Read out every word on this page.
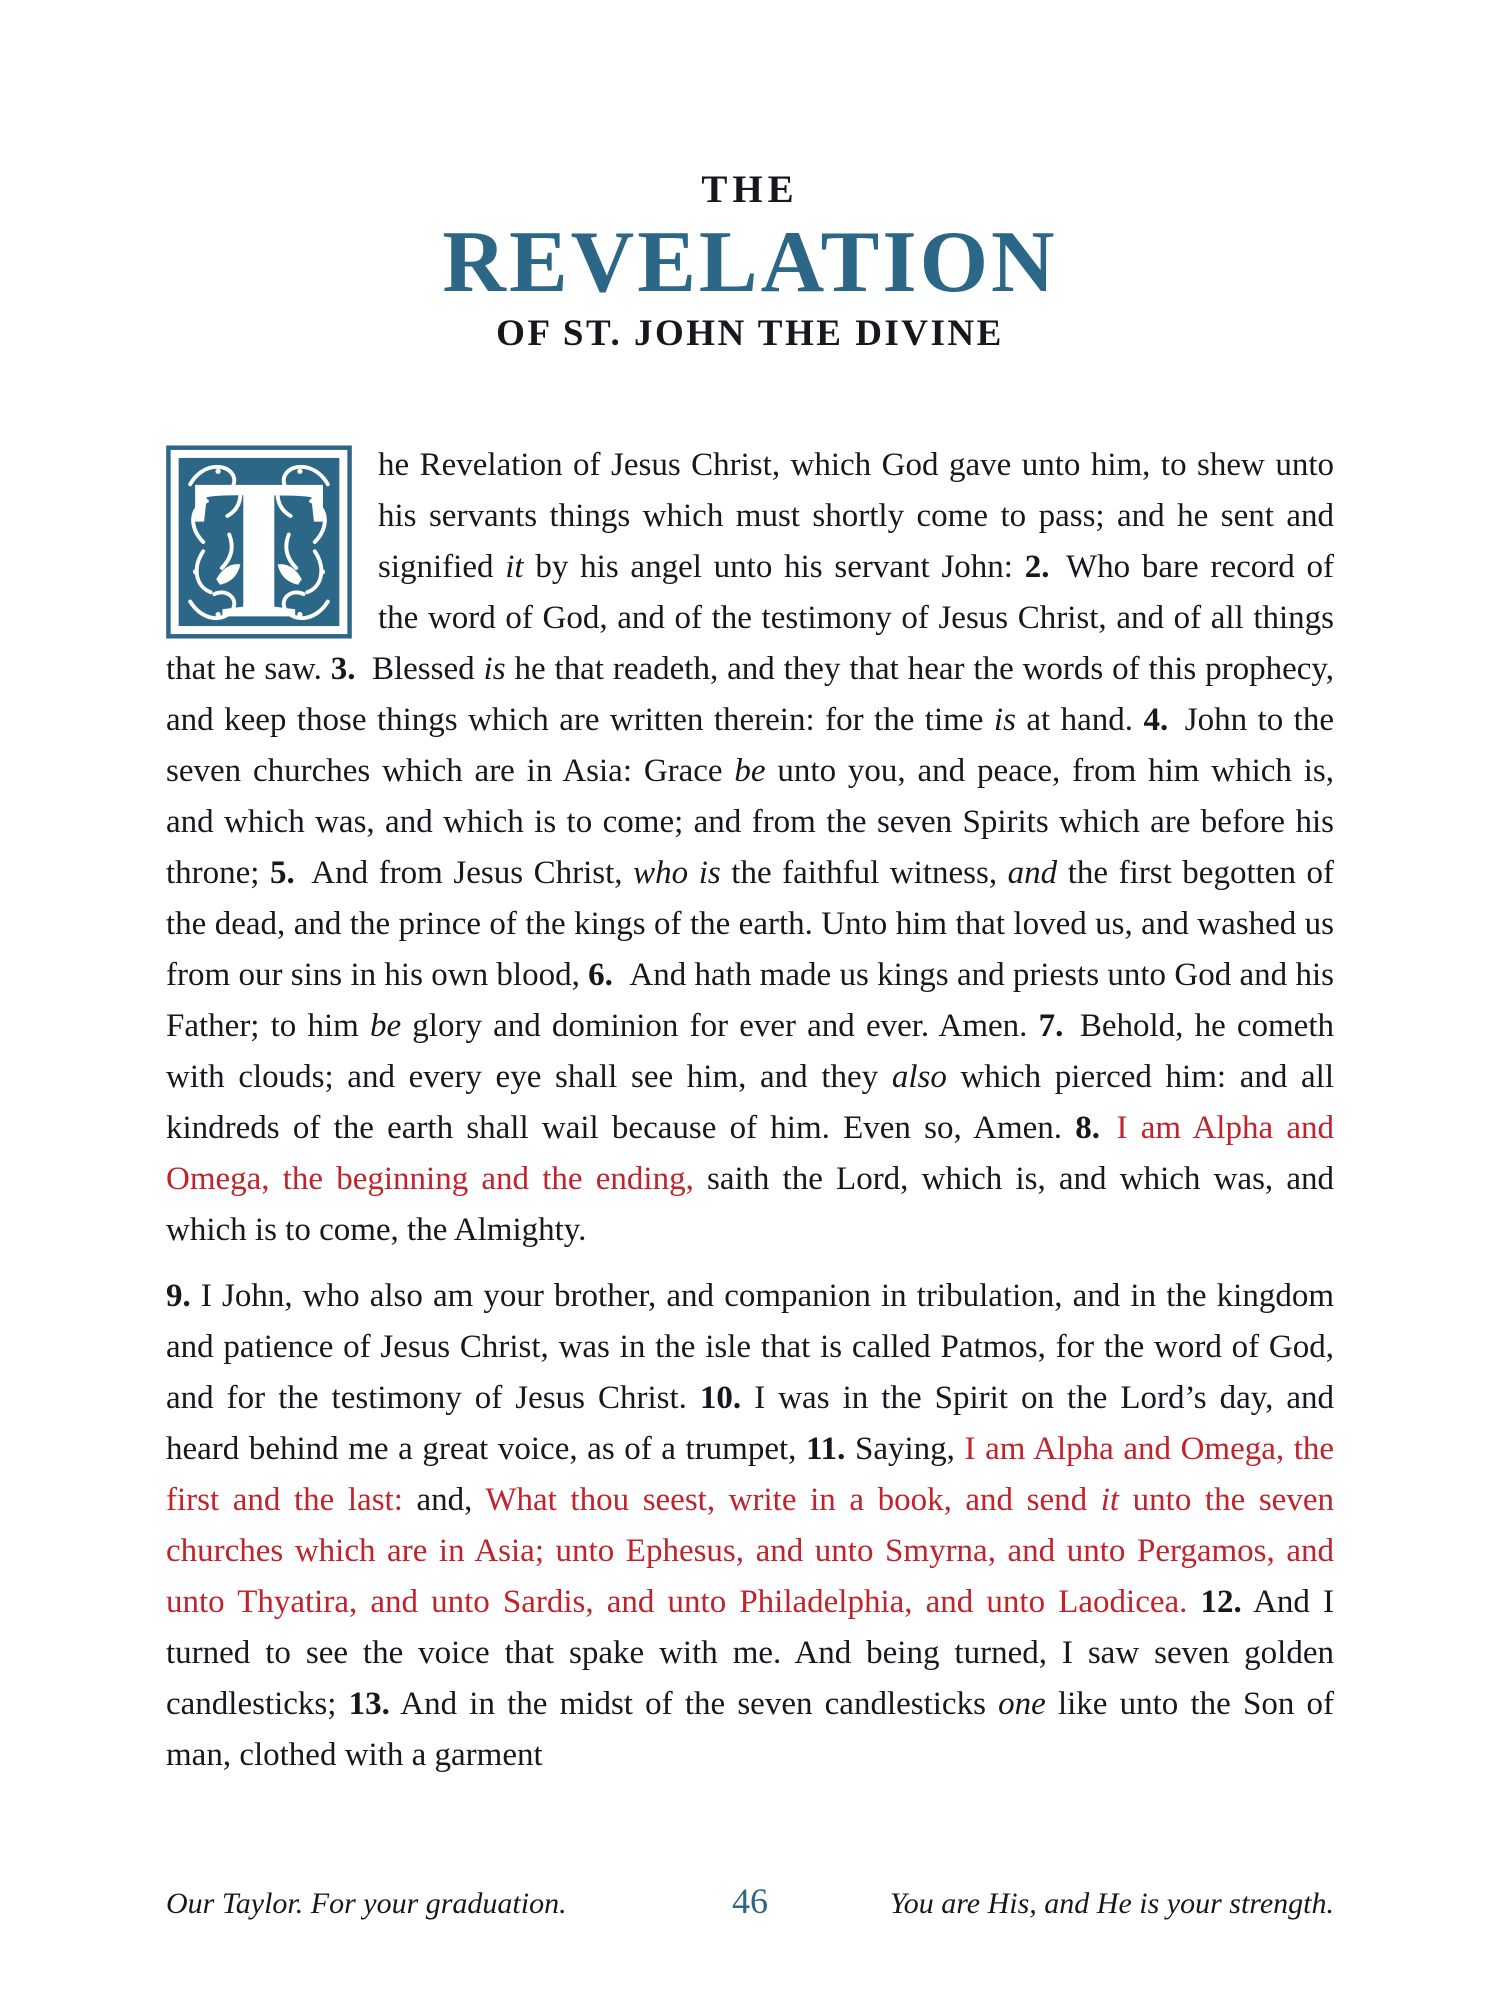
THE
REVELATION
OF ST. JOHN THE DIVINE

T he Revelation of Jesus Christ, which God gave unto him, to shew unto his servants things which must shortly come to pass; and he sent and signified it by his angel unto his servant John: 2. Who bare record of the word of God, and of the testimony of Jesus Christ, and of all things that he saw. 3. Blessed is he that readeth, and they that hear the words of this prophecy, and keep those things which are written therein: for the time is at hand. 4. John to the seven churches which are in Asia: Grace be unto you, and peace, from him which is, and which was, and which is to come; and from the seven Spirits which are before his throne; 5. And from Jesus Christ, who is the faithful witness, and the first begotten of the dead, and the prince of the kings of the earth. Unto him that loved us, and washed us from our sins in his own blood, 6. And hath made us kings and priests unto God and his Father; to him be glory and dominion for ever and ever. Amen. 7. Behold, he cometh with clouds; and every eye shall see him, and they also which pierced him: and all kindreds of the earth shall wail because of him. Even so, Amen. 8.  I am Alpha and Omega, the beginning and the ending, saith the Lord, which is, and which was, and which is to come, the Almighty.

9. I John, who also am your brother, and companion in tribulation, and in the kingdom and patience of Jesus Christ, was in the isle that is called Patmos, for the word of God, and for the testimony of Jesus Christ. 10. I was in the Spirit on the Lord’s day, and heard behind me a great voice, as of a trumpet, 11. Saying, I am Alpha and Omega, the first and the last: and, What thou seest, write in a book, and send it unto the seven churches which are in Asia; unto Ephesus, and unto Smyrna, and unto Pergamos, and unto Thyatira, and unto Sardis, and unto Philadelphia, and unto Laodicea. 12. And I turned to see the voice that spake with me. And being turned, I saw seven golden candlesticks; 13. And in the midst of the seven candlesticks one like unto the Son of man, clothed with a garment

Our Taylor. For your graduation.	46	You are His, and He is your strength.
